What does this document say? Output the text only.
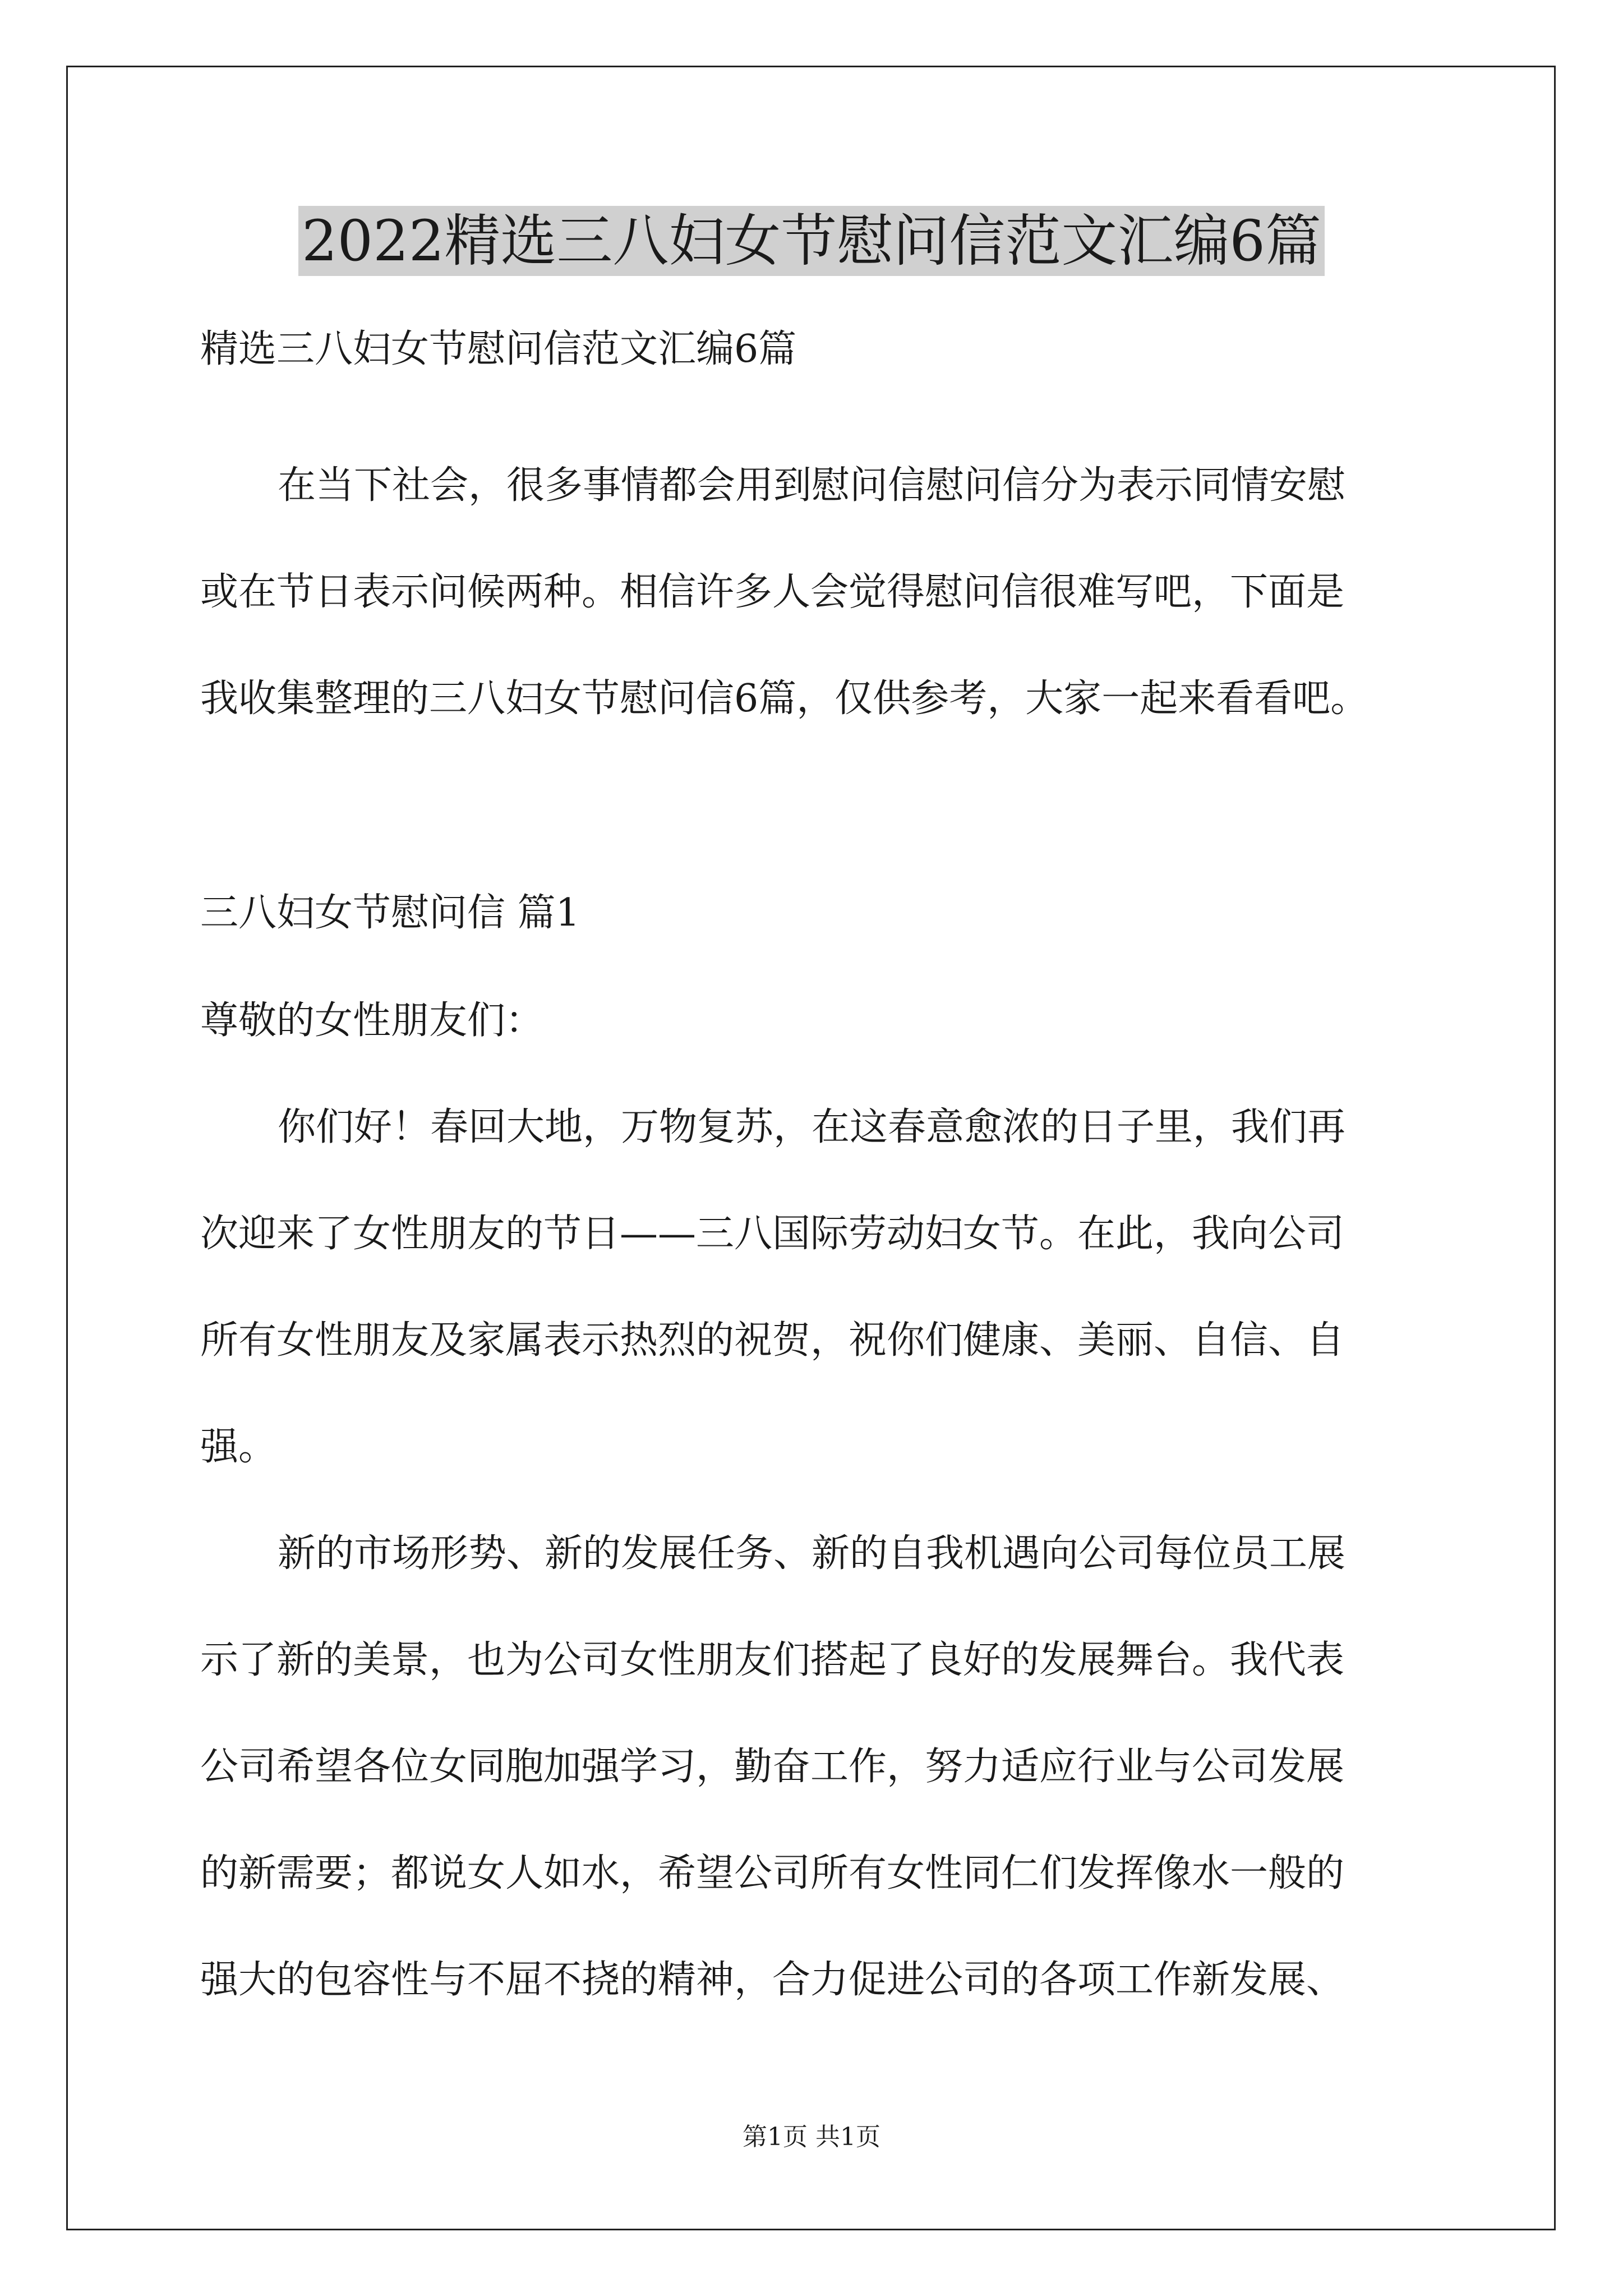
2022精选三八妇女节慰问信范文汇编6篇
精选三八妇女节慰问信范文汇编6篇
在当下社会，很多事情都会用到慰问信慰问信分为表示同情安慰
或在节日表示问候两种。相信许多人会觉得慰问信很难写吧，下面是
我收集整理的三八妇女节慰问信6篇，仅供参考，大家一起来看看吧。
三八妇女节慰问信 篇1
尊敬的女性朋友们：
你们好！春回大地，万物复苏，在这春意愈浓的日子里，我们再
次迎来了女性朋友的节日——三八国际劳动妇女节。在此，我向公司
所有女性朋友及家属表示热烈的祝贺，祝你们健康、美丽、自信、自
强。
新的市场形势、新的发展任务、新的自我机遇向公司每位员工展
示了新的美景，也为公司女性朋友们搭起了良好的发展舞台。我代表
公司希望各位女同胞加强学习，勤奋工作，努力适应行业与公司发展
的新需要；都说女人如水，希望公司所有女性同仁们发挥像水一般的
强大的包容性与不屈不挠的精神，合力促进公司的各项工作新发展、
第1页 共1页
